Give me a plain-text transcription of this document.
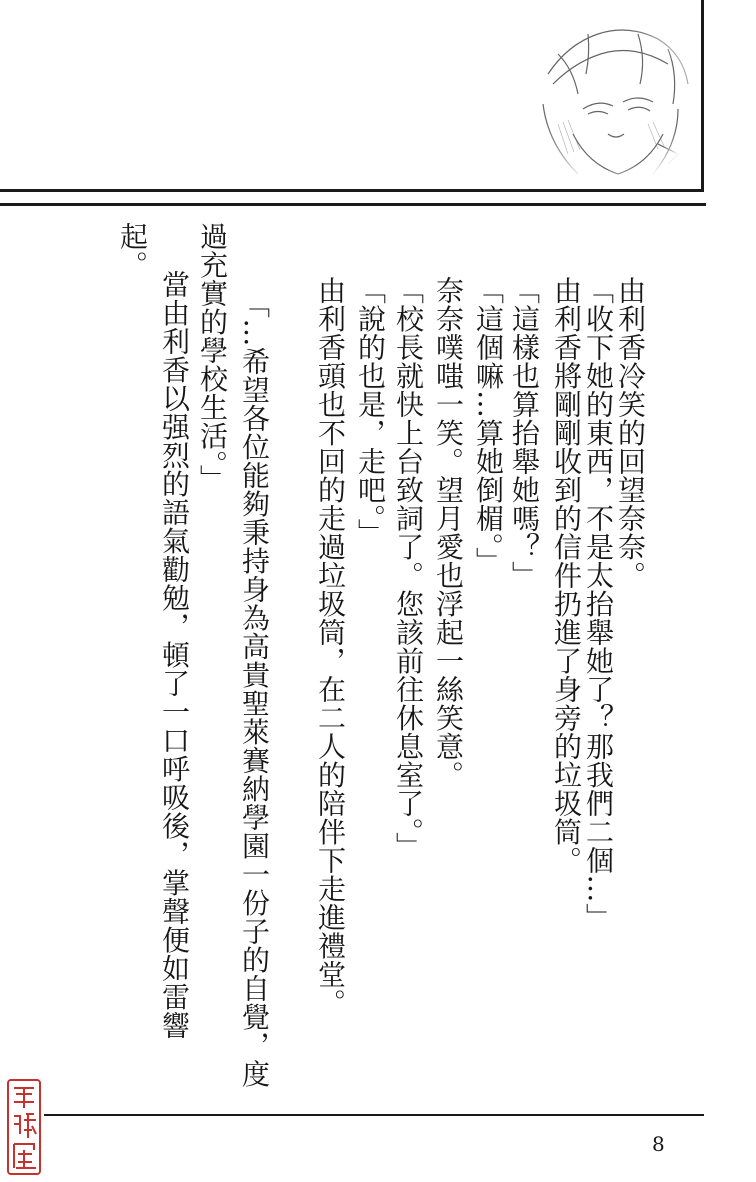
由利香冷笑的回望奈奈。
「收下她的東西，不是太抬舉她了？那我們二個…」
由利香將剛剛收到的信件扔進了身旁的垃圾筒。
「這樣也算抬舉她嗎？」
「這個嘛…算她倒楣。」
奈奈噗嗤一笑。望月愛也浮起一絲笑意。
「校長就快上台致詞了。您該前往休息室了。」
「說的也是，走吧。」
由利香頭也不回的走過垃圾筒，在二人的陪伴下走進禮堂。
「…希望各位能夠秉持身為高貴聖萊賽納學園一份子的自覺，度
過充實的學校生活。」
當由利香以强烈的語氣勸勉，頓了一口呼吸後，掌聲便如雷響
起。
8
